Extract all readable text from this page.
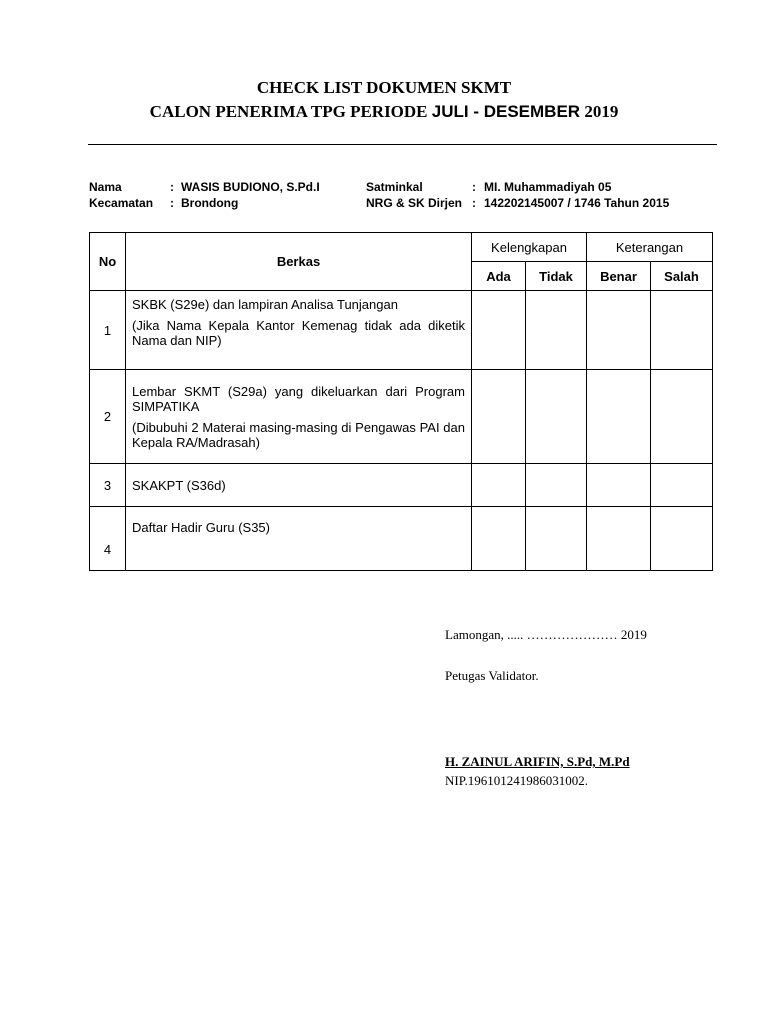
CHECK LIST DOKUMEN SKMT
CALON PENERIMA TPG PERIODE JULI - DESEMBER 2019
Nama	: WASIS BUDIONO, S.Pd.I
Kecamatan : Brondong
Satminkal	: MI. Muhammadiyah 05
NRG & SK Dirjen : 142202145007 / 1746 Tahun 2015
No	Berkas	Kelengkapan		Keterangan	
		Ada	Tidak	Benar	Salah
1	SKBK (S29e) dan lampiran Analisa Tunjangan

(Jika Nama Kepala Kantor Kemenag tidak ada diketik Nama dan NIP)				

2	Lembar SKMT (S29a) yang dikeluarkan dari Program SIMPATIKA

(Dibubuhi 2 Materai masing-masing di Pengawas PAI dan Kepala RA/Madrasah)				

3	SKAKPT (S36d)				

4	Daftar Hadir Guru (S35)				

Lamongan, ..... ………………… 2019
Petugas Validator.
H. ZAINUL ARIFIN, S.Pd, M.Pd
NIP.196101241986031002.
